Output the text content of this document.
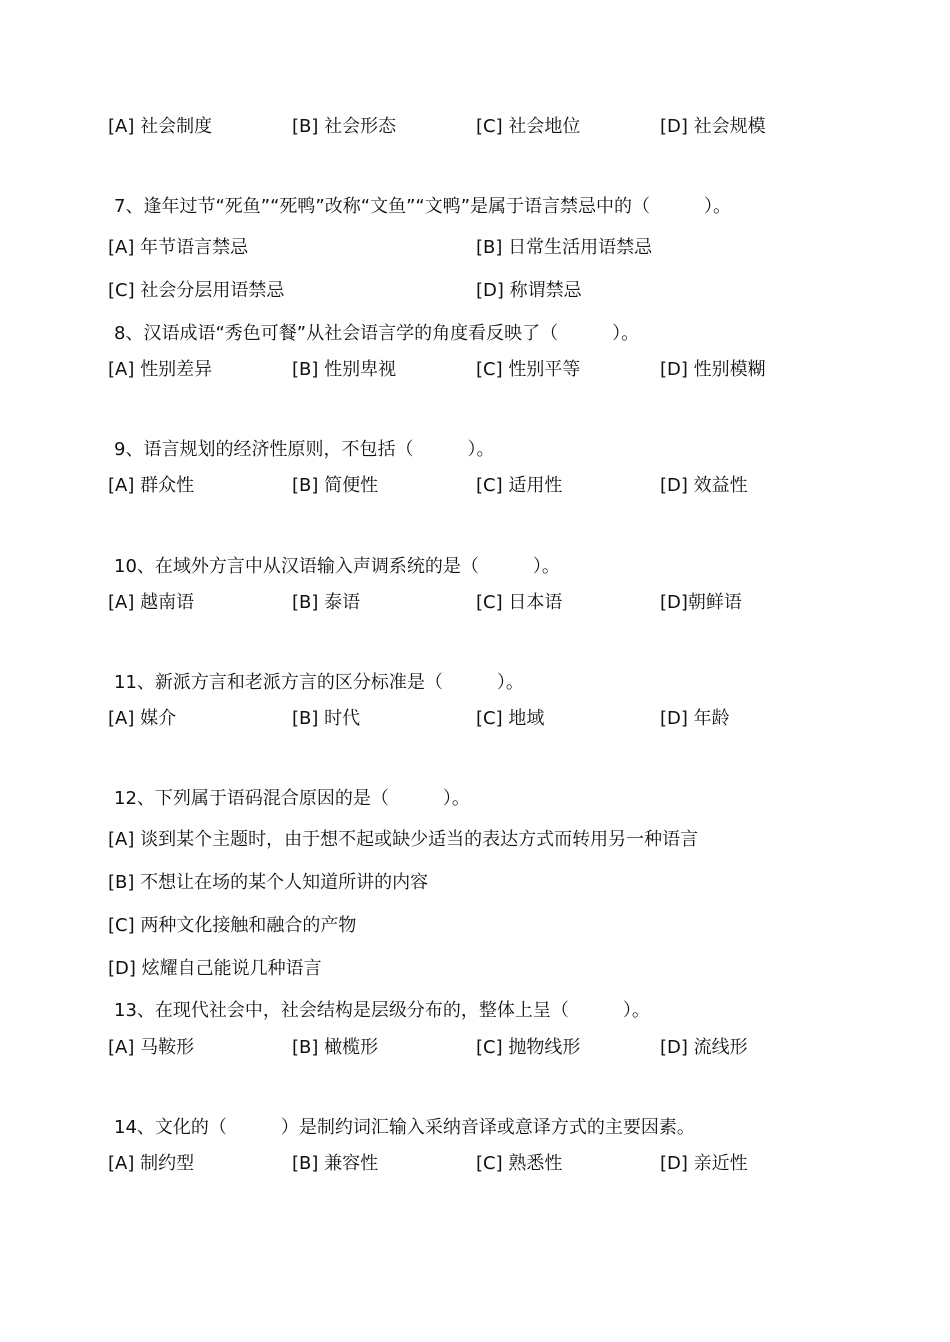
[A] 社会制度	[B] 社会形态	[C] 社会地位	[D] 社会规模
7、逢年过节“死鱼”“死鸭”改称“文鱼”“文鸭”是属于语言禁忌中的（　　　）。
[A] 年节语言禁忌	[B] 日常生活用语禁忌
[C] 社会分层用语禁忌	[D] 称谓禁忌
8、汉语成语“秀色可餐”从社会语言学的角度看反映了（　　　）。
[A] 性别差异	[B] 性别卑视	[C] 性别平等	[D] 性别模糊
9、语言规划的经济性原则，不包括（　　　）。
[A] 群众性	[B] 简便性	[C] 适用性	[D] 效益性
10、在域外方言中从汉语输入声调系统的是（　　　）。
[A] 越南语	[B] 泰语	[C] 日本语	[D]朝鲜语
11、新派方言和老派方言的区分标准是（　　　）。
[A] 媒介	[B] 时代	[C] 地域	[D] 年龄
12、下列属于语码混合原因的是（　　　）。
[A] 谈到某个主题时，由于想不起或缺少适当的表达方式而转用另一种语言
[B] 不想让在场的某个人知道所讲的内容
[C] 两种文化接触和融合的产物
[D] 炫耀自己能说几种语言
13、在现代社会中，社会结构是层级分布的，整体上呈（　　　）。
[A] 马鞍形	[B] 橄榄形	[C] 抛物线形	[D] 流线形
14、文化的（　　　）是制约词汇输入采纳音译或意译方式的主要因素。
[A] 制约型	[B] 兼容性	[C] 熟悉性	[D] 亲近性
